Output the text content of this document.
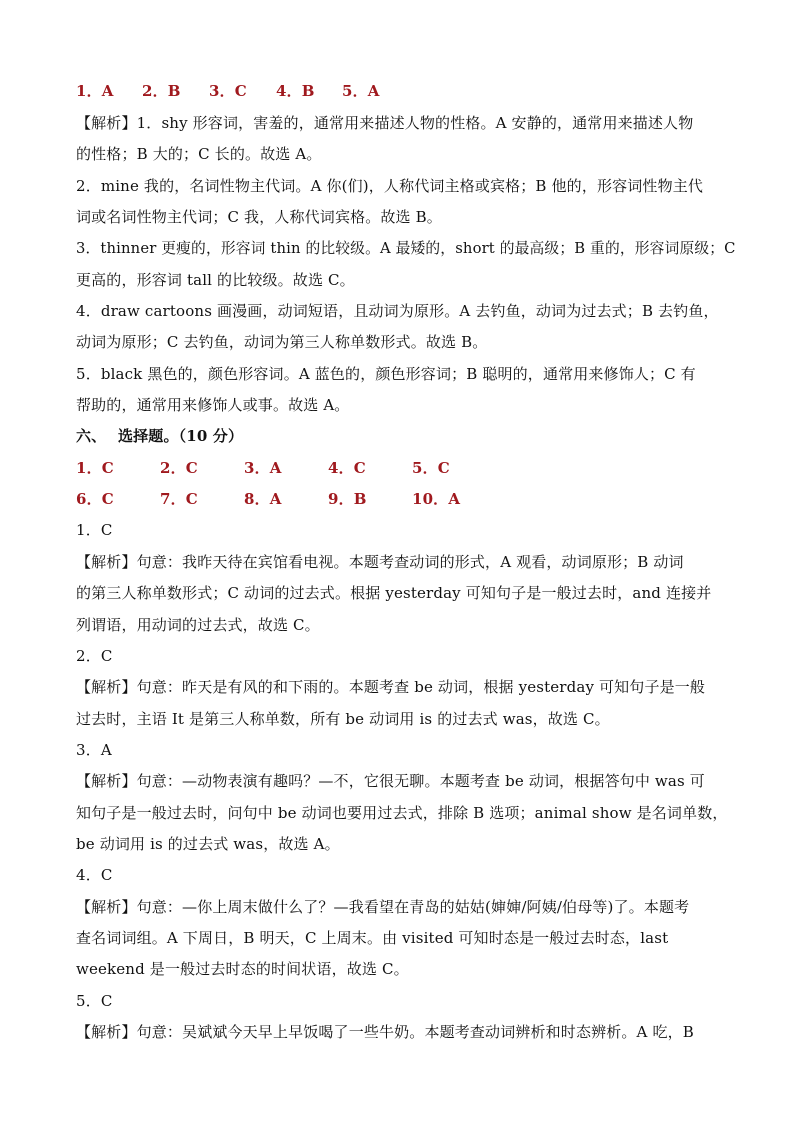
1．A 2．B 3．C 4．B 5．A
【解析】1．shy 形容词，害羞的，通常用来描述人物的性格。A 安静的，通常用来描述人物
的性格；B 大的；C 长的。故选 A。
2．mine 我的，名词性物主代词。A 你(们)，人称代词主格或宾格；B 他的，形容词性物主代
词或名词性物主代词；C 我，人称代词宾格。故选 B。
3．thinner 更瘦的，形容词 thin 的比较级。A 最矮的，short 的最高级；B 重的，形容词原级；C
更高的，形容词 tall 的比较级。故选 C。
4．draw cartoons 画漫画，动词短语，且动词为原形。A 去钓鱼，动词为过去式；B 去钓鱼，
动词为原形；C 去钓鱼，动词为第三人称单数形式。故选 B。
5．black 黑色的，颜色形容词。A 蓝色的，颜色形容词；B 聪明的，通常用来修饰人；C 有
帮助的，通常用来修饰人或事。故选 A。
六、 选择题。（10 分）
1．C	2．C	3．A	4．C	5．C
6．C	7．C	8．A	9．B	10．A
1．C
【解析】句意：我昨天待在宾馆看电视。本题考查动词的形式，A 观看，动词原形；B 动词
的第三人称单数形式；C 动词的过去式。根据 yesterday 可知句子是一般过去时，and 连接并
列谓语，用动词的过去式，故选 C。
2．C
【解析】句意：昨天是有风的和下雨的。本题考查 be 动词，根据 yesterday 可知句子是一般
过去时，主语 It 是第三人称单数，所有 be 动词用 is 的过去式 was，故选 C。
3．A
【解析】句意：—动物表演有趣吗？—不，它很无聊。本题考查 be 动词，根据答句中 was 可
知句子是一般过去时，问句中 be 动词也要用过去式，排除 B 选项；animal show 是名词单数，
be 动词用 is 的过去式 was，故选 A。
4．C
【解析】句意：—你上周末做什么了？—我看望在青岛的姑姑(婶婶/阿姨/伯母等)了。本题考
查名词词组。A 下周日，B 明天，C 上周末。由 visited 可知时态是一般过去时态，last
weekend 是一般过去时态的时间状语，故选 C。
5．C
【解析】句意：吴斌斌今天早上早饭喝了一些牛奶。本题考查动词辨析和时态辨析。A 吃，B
